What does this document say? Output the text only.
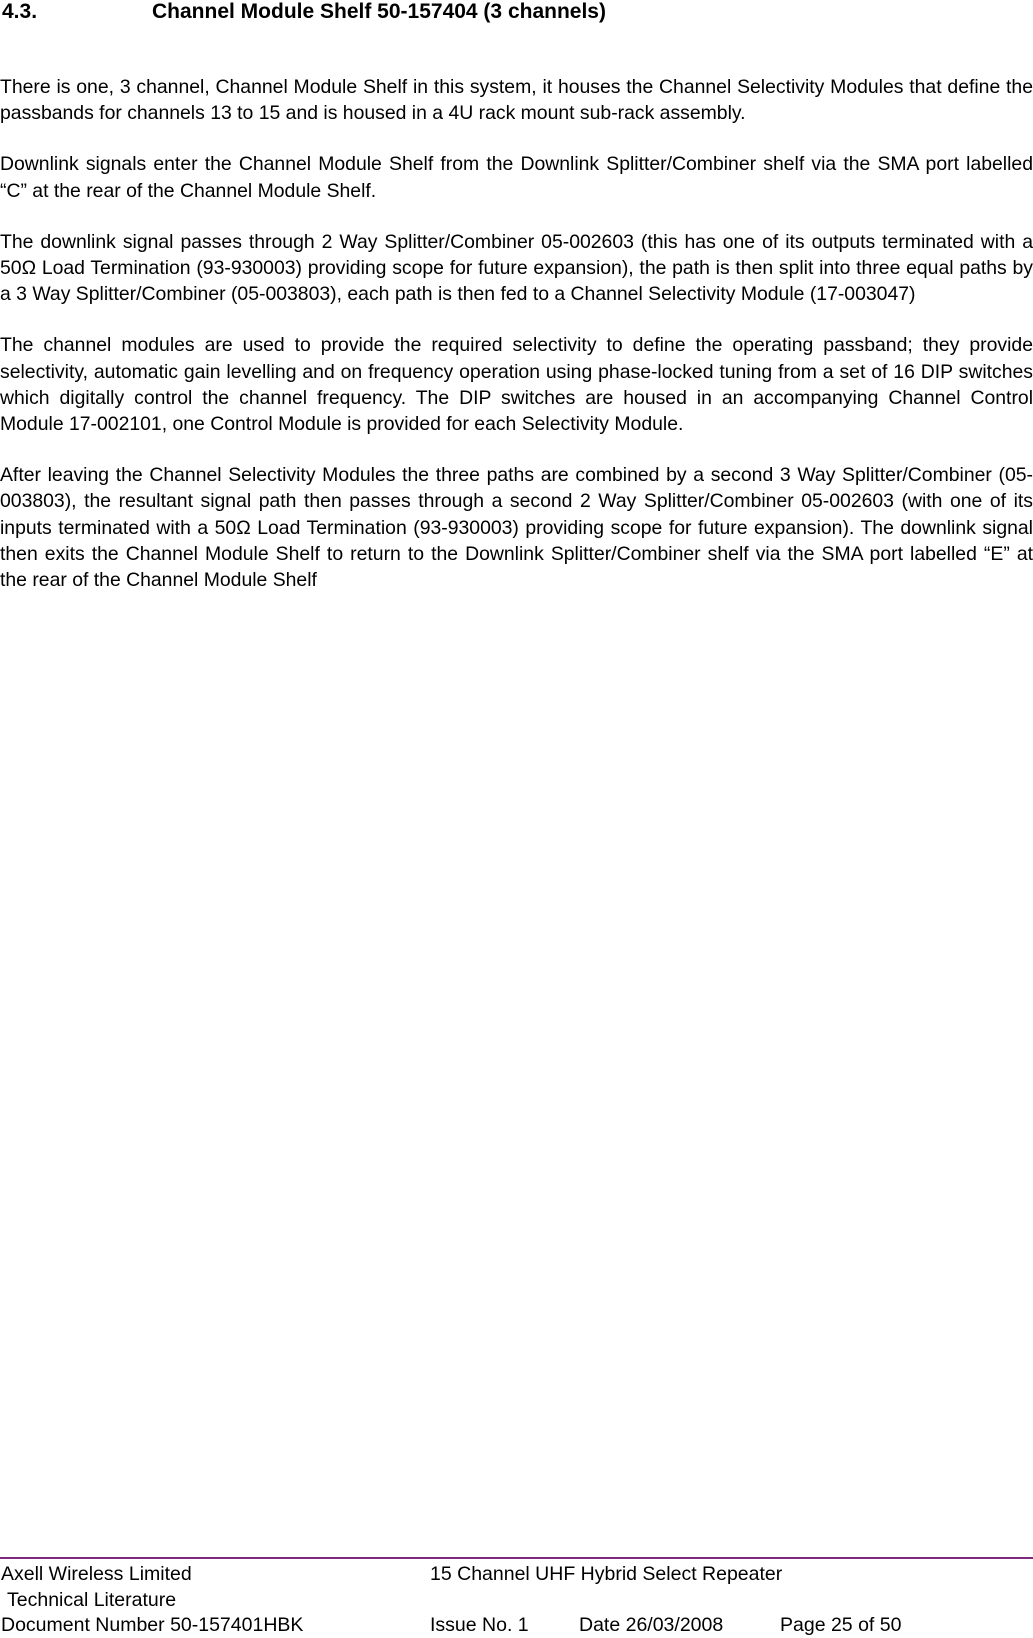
4.3.	Channel Module Shelf 50-157404 (3 channels)

There is one, 3 channel, Channel Module Shelf in this system, it houses the Channel Selectivity Modules that define the passbands for channels 13 to 15 and is housed in a 4U rack mount sub-rack assembly.

Downlink signals enter the Channel Module Shelf from the Downlink Splitter/Combiner shelf via the SMA port labelled “C” at the rear of the Channel Module Shelf.

The downlink signal passes through 2 Way Splitter/Combiner 05-002603 (this has one of its outputs terminated with a 50Ω Load Termination (93-930003) providing scope for future expansion), the path is then split into three equal paths by a 3 Way Splitter/Combiner (05-003803), each path is then fed to a Channel Selectivity Module (17-003047)

The channel modules are used to provide the required selectivity to define the operating passband; they provide selectivity, automatic gain levelling and on frequency operation using phase-locked tuning from a set of 16 DIP switches which digitally control the channel frequency. The DIP switches are housed in an accompanying Channel Control Module 17-002101, one Control Module is provided for each Selectivity Module.

After leaving the Channel Selectivity Modules the three paths are combined by a second 3 Way Splitter/Combiner (05-003803), the resultant signal path then passes through a second 2 Way Splitter/Combiner 05-002603 (with one of its inputs terminated with a 50Ω Load Termination (93-930003) providing scope for future expansion). The downlink signal then exits the Channel Module Shelf to return to the Downlink Splitter/Combiner shelf via the SMA port labelled “E” at the rear of the Channel Module Shelf

Axell Wireless Limited	15 Channel UHF Hybrid Select Repeater
Technical Literature
Document Number 50-157401HBK	Issue No. 1	Date 26/03/2008	Page 25 of 50
